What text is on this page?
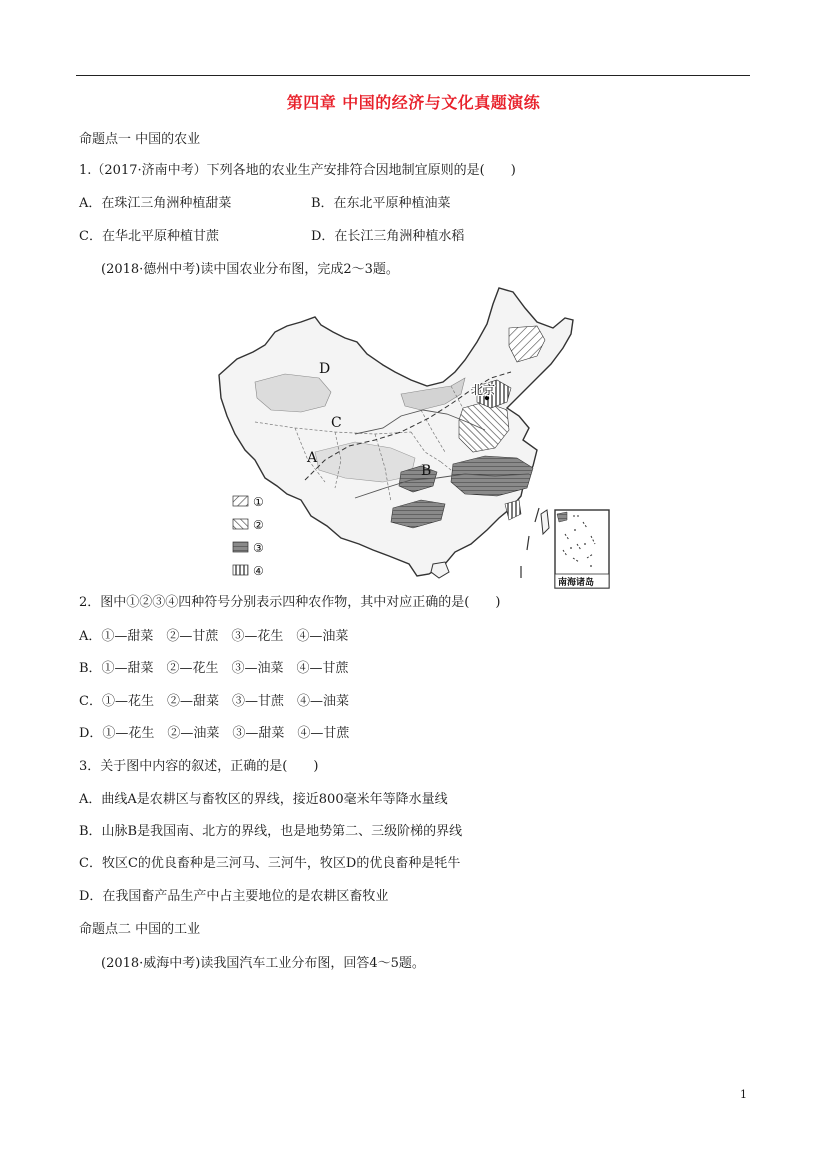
第四章 中国的经济与文化真题演练
命题点一 中国的农业
1.（2017·济南中考）下列各地的农业生产安排符合因地制宜原则的是(　　)
A．在珠江三角洲种植甜菜	B．在东北平原种植油菜
C．在华北平原种植甘蔗	D．在长江三角洲种植水稻
(2018·德州中考)读中国农业分布图，完成2～3题。
D
C
A
B
北京
①
②
③
④
南海诸岛
2．图中①②③④四种符号分别表示四种农作物，其中对应正确的是(　　)
A．①—甜菜　②—甘蔗　③—花生　④—油菜
B．①—甜菜　②—花生　③—油菜　④—甘蔗
C．①—花生　②—甜菜　③—甘蔗　④—油菜
D．①—花生　②—油菜　③—甜菜　④—甘蔗
3．关于图中内容的叙述，正确的是(　　)
A．曲线A是农耕区与畜牧区的界线，接近800毫米年等降水量线
B．山脉B是我国南、北方的界线，也是地势第二、三级阶梯的界线
C．牧区C的优良畜种是三河马、三河牛，牧区D的优良畜种是牦牛
D．在我国畜产品生产中占主要地位的是农耕区畜牧业
命题点二 中国的工业
(2018·威海中考)读我国汽车工业分布图，回答4～5题。
1
